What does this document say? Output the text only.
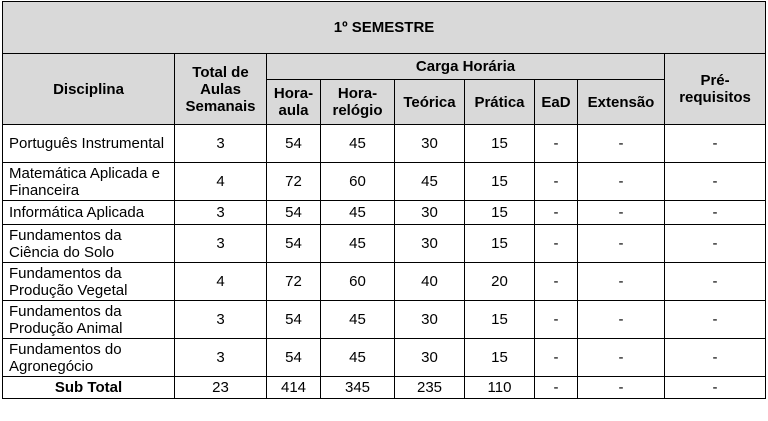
1º SEMESTRE								
Disciplina	Total de Aulas Semanais	Carga Horária						Pré-requisitos
		Hora-aula	Hora-relógio	Teórica	Prática	EaD	Extensão	
Português Instrumental	3	54	45	30	15	-	-	-
Matemática Aplicada e Financeira	4	72	60	45	15	-	-	-
Informática Aplicada	3	54	45	30	15	-	-	-
Fundamentos da Ciência do Solo	3	54	45	30	15	-	-	-
Fundamentos da Produção Vegetal	4	72	60	40	20	-	-	-
Fundamentos da Produção Animal	3	54	45	30	15	-	-	-
Fundamentos do Agronegócio	3	54	45	30	15	-	-	-
Sub Total	23	414	345	235	110	-	-	-
